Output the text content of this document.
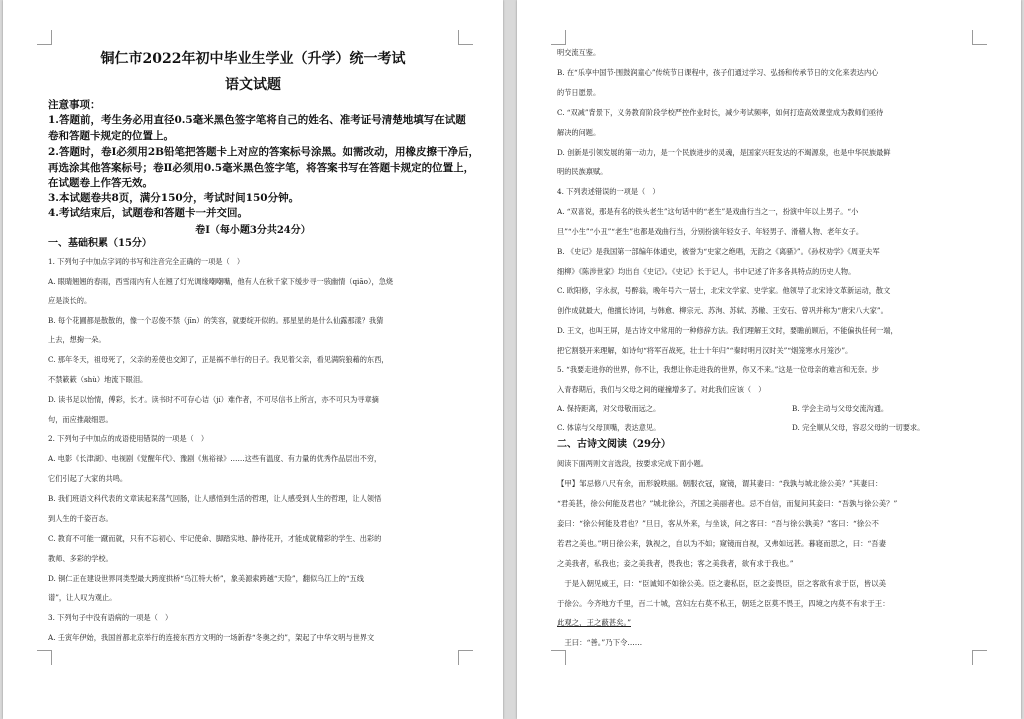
铜仁市2022年初中毕业生学业（升学）统一考试
语文试题
注意事项：
1.答题前，考生务必用直径0.5毫米黑色签字笔将自己的姓名、准考证号清楚地填写在试题
卷和答题卡规定的位置上。
2.答题时，卷Ⅰ必须用2B铅笔把答题卡上对应的答案标号涂黑。如需改动，用橡皮擦干净后，
再选涂其他答案标号；卷Ⅱ必须用0.5毫米黑色签字笔，将答案书写在答题卡规定的位置上，
在试题卷上作答无效。
3.本试题卷共8页，满分150分，考试时间150分钟。
4.考试结束后，试题卷和答题卡一并交回。
卷Ⅰ（每小题3分共24分）
一、基础积累（15分）
1. 下列句子中加点字词的书写和注音完全正确的一项是（　）
A. 眼睛翘翘的春雨，西雪雨内有人在翘了灯光调缘嘲嘲嘴，他有人在秋千家下缓步寻一骇幽情（qiāo），急烧
应是淡长的。
B. 每个花圃都是散散的，像一个忍俊不禁（jīn）的笑容，就要绽开似的。那星星的是什么仙露那漾？我猜
上去，想掬一朵。
C. 那年冬天，祖母死了，父亲的差使也交卸了，正是祸不单行的日子。我见着父亲，看见满院狼藉的东西，
不禁簌簌（shù）地流下眼泪。
D. 读书足以怡情，傅彩，长才。读书时不可存心诘（jí）难作者，不可尽信书上所言，亦不可只为寻章摘
句，而应推敲细思。
2. 下列句子中加点的成语使用错误的一项是（　）
A. 电影《长津湖》、电视剧《觉醒年代》、豫剧《焦裕禄》……这些有温度、有力量的优秀作品层出不穷，
它们引起了大家的共鸣。
B. 我们班语文科代表的文章读起来荡气回肠，让人感悟到生活的哲理，让人感受到人生的哲理，让人领悟
到人生的千姿百态。
C. 教育不可能一蹴而就，只有不忘初心、牢记使命、脚踏实地、静待花开，才能成就精彩的学生、出彩的
教师、多彩的学校。
D. 铜仁正在建设世界同类型最大跨度拱桥“乌江特大桥”，象美源索跨越“天险”，翻似乌江上的“五线
谱”，让人叹为观止。
3. 下列句子中没有语病的一项是（　）
A. 壬寅年伊始，我国首都北京举行的连接东西方文明的一场新春“冬奥之约”，架起了中华文明与世界文
明交流互鉴。
B. 在“乐享中国节·围鼓润童心”传统节日课程中，孩子们通过学习、弘扬和传承节日的文化来表达内心
的节日愿景。
C. “双减”背景下，义务教育阶段学校严控作业时长，减少考试频率，如何打造高效课堂成为教师们亟待
解决的问题。
D. 创新是引领发展的第一动力，是一个民族进步的灵魂，是国家兴旺发达的不竭源泉，也是中华民族最鲜
明的民族禀赋。
4. 下列表述错误的一项是（　）
A. “双喜说，那是有名的铁头老生”这句话中的“老生”是戏曲行当之一，扮演中年以上男子。“小
旦”“小生”“小丑”“老生”也都是戏曲行当，分别扮演年轻女子、年轻男子、滑稽人物、老年女子。
B. 《史记》是我国第一部编年体通史，被誉为“史家之绝唱，无韵之《离骚》”。《孙权劝学》《周亚夫军
细柳》《陈涉世家》均出自《史记》。《史记》长于记人，书中记述了许多各具特点的历史人物。
C. 欧阳修，字永叔，号醉翁，晚年号六一居士，北宋文学家、史学家。他领导了北宋诗文革新运动，散文
创作成就最大，他擅长诗词，与韩愈、柳宗元、苏洵、苏轼、苏辙、王安石、曾巩并称为“唐宋八大家”。
D. 王文，也叫王屏，是古诗文中常用的一种修辞方法。我们理解王文时，要瞻前顾后，不能偏执任何一端，
把它割裂开来理解，如诗句“将军百战死，壮士十年归”“秦时明月汉时关”“烟笼寒水月笼沙”。
5. “我要走进你的世界，你不让，我想让你走进我的世界，你又不来。”这是一位母亲的难言和无奈。步
入青春期后，我们与父母之间的碰撞增多了。对此我们应该（　）
A. 保持距离，对父母敬而远之。	B. 学会主动与父母交流沟通。
C. 体谅与父母顶嘴，表达意见。	D. 完全顺从父母，容忍父母的一切要求。
二、古诗文阅读（29分）
阅读下面两则文言选段，按要求完成下面小题。
【甲】邹忌修八尺有余，而形貌昳丽。朝服衣冠，窥镜，谓其妻曰：“我孰与城北徐公美？”其妻曰：
“君美甚，徐公何能及君也？”城北徐公，齐国之美丽者也。忌不自信，而复问其妾曰：“吾孰与徐公美？”
妾曰：“徐公何能及君也？”旦日，客从外来，与坐谈，问之客曰：“吾与徐公孰美？”客曰：“徐公不
若君之美也。”明日徐公来，孰视之，自以为不如；窥镜而自视，又弗如远甚。暮寝而思之，曰：“吾妻
之美我者，私我也；妾之美我者，畏我也；客之美我者，欲有求于我也。”
　于是入朝见威王，曰：“臣诚知不如徐公美。臣之妻私臣，臣之妾畏臣，臣之客欲有求于臣，皆以美
于徐公。今齐地方千里，百二十城，宫妇左右莫不私王，朝廷之臣莫不畏王，四境之内莫不有求于王：
此观之，王之蔽甚矣。”
　王曰：“善。”乃下令……
